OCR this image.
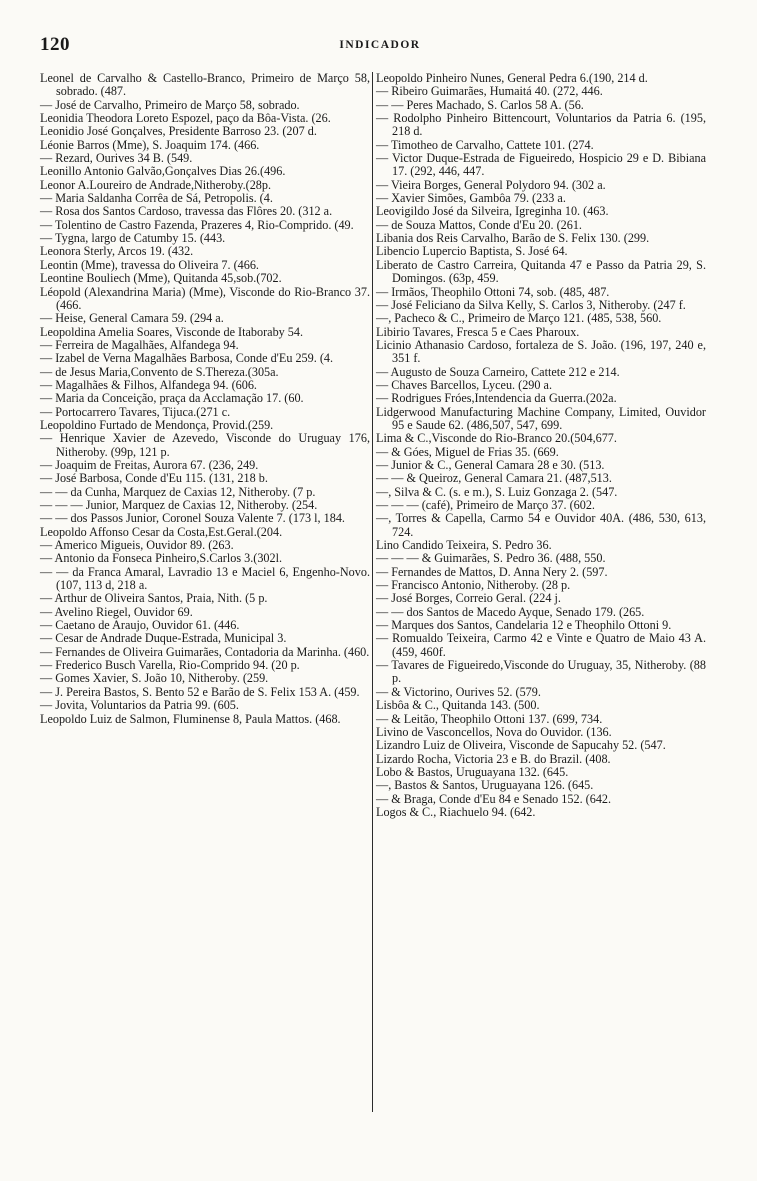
120	INDICADOR
Leonel de Carvalho & Castello-Branco, Primeiro de Março 58, sobrado. (487.
— José de Carvalho, Primeiro de Março 58, sobrado.
Leonidia Theodora Loreto Espozel, paço da Bôa-Vista. (26.
Leonidio José Gonçalves, Presidente Barroso 23. (207 d.
Léonie Barros (Mme), S. Joaquim 174. (466.
— Rezard, Ourives 34 B. (549.
Leonillo Antonio Galvão,Gonçalves Dias 26.(496.
Leonor A.Loureiro de Andrade,Nitheroby.(28p.
— Maria Saldanha Corrêa de Sá, Petropolis. (4.
— Rosa dos Santos Cardoso, travessa das Flôres 20. (312 a.
— Tolentino de Castro Fazenda, Prazeres 4, Rio-Comprido. (49.
— Tygna, largo de Catumby 15. (443.
Leonora Sterly, Arcos 19. (432.
Leontin (Mme), travessa do Oliveira 7. (466.
Leontine Bouliech (Mme), Quitanda 45,sob.(702.
Léopold (Alexandrina Maria) (Mme), Visconde do Rio-Branco 37. (466.
— Heise, General Camara 59. (294 a.
Leopoldina Amelia Soares, Visconde de Itaboraby 54.
— Ferreira de Magalhães, Alfandega 94.
— Izabel de Verna Magalhães Barbosa, Conde d'Eu 259. (4.
— de Jesus Maria,Convento de S.Thereza.(305a.
— Magalhães & Filhos, Alfandega 94. (606.
— Maria da Conceição, praça da Acclamação 17. (60.
— Portocarrero Tavares, Tijuca.(271 c.
Leopoldino Furtado de Mendonça, Provid.(259.
— Henrique Xavier de Azevedo, Visconde do Uruguay 176, Nitheroby. (99p, 121 p.
— Joaquim de Freitas, Aurora 67. (236, 249.
— José Barbosa, Conde d'Eu 115. (131, 218 b.
— — da Cunha, Marquez de Caxias 12, Nitheroby. (7 p.
— — — Junior, Marquez de Caxias 12, Nitheroby. (254.
— — dos Passos Junior, Coronel Souza Valente 7. (173 l, 184.
Leopoldo Affonso Cesar da Costa,Est.Geral.(204.
— Americo Migueis, Ouvidor 89. (263.
— Antonio da Fonseca Pinheiro,S.Carlos 3.(302l.
— — da Franca Amaral, Lavradio 13 e Maciel 6, Engenho-Novo. (107, 113 d, 218 a.
— Arthur de Oliveira Santos, Praia, Nith. (5 p.
— Avelino Riegel, Ouvidor 69.
— Caetano de Araujo, Ouvidor 61. (446.
— Cesar de Andrade Duque-Estrada, Municipal 3.
— Fernandes de Oliveira Guimarães, Contadoria da Marinha. (460.
— Frederico Busch Varella, Rio-Comprido 94. (20 p.
— Gomes Xavier, S. João 10, Nitheroby. (259.
— J. Pereira Bastos, S. Bento 52 e Barão de S. Felix 153 A. (459.
— Jovita, Voluntarios da Patria 99. (605.
Leopoldo Luiz de Salmon, Fluminense 8, Paula Mattos. (468.
Leopoldo Pinheiro Nunes, General Pedra 6.(190, 214 d.
— Ribeiro Guimarães, Humaitá 40. (272, 446.
— — Peres Machado, S. Carlos 58 A. (56.
— Rodolpho Pinheiro Bittencourt, Voluntarios da Patria 6. (195, 218 d.
— Timotheo de Carvalho, Cattete 101. (274.
— Victor Duque-Estrada de Figueiredo, Hospicio 29 e D. Bibiana 17. (292, 446, 447.
— Vieira Borges, General Polydoro 94. (302 a.
— Xavier Simões, Gambôa 79. (233 a.
Leovigildo José da Silveira, Igreginha 10. (463.
— de Souza Mattos, Conde d'Eu 20. (261.
Libania dos Reis Carvalho, Barão de S. Felix 130. (299.
Libencio Lupercio Baptista, S. José 64.
Liberato de Castro Carreira, Quitanda 47 e Passo da Patria 29, S. Domingos. (63p, 459.
— Irmãos, Theophilo Ottoni 74, sob. (485, 487.
— José Feliciano da Silva Kelly, S. Carlos 3, Nitheroby. (247 f.
—, Pacheco & C., Primeiro de Março 121. (485, 538, 560.
Libirio Tavares, Fresca 5 e Caes Pharoux.
Licinio Athanasio Cardoso, fortaleza de S. João. (196, 197, 240 e, 351 f.
— Augusto de Souza Carneiro, Cattete 212 e 214.
— Chaves Barcellos, Lyceu. (290 a.
— Rodrigues Fróes,Intendencia da Guerra.(202a.
Lidgerwood Manufacturing Machine Company, Limited, Ouvidor 95 e Saude 62. (486,507, 547, 699.
Lima & C.,Visconde do Rio-Branco 20.(504,677.
— & Góes, Miguel de Frias 35. (669.
— Junior & C., General Camara 28 e 30. (513.
— — & Queiroz, General Camara 21. (487,513.
—, Silva & C. (s. e m.), S. Luiz Gonzaga 2. (547.
— — — (café), Primeiro de Março 37. (602.
—, Torres & Capella, Carmo 54 e Ouvidor 40A. (486, 530, 613, 724.
Lino Candido Teixeira, S. Pedro 36.
— — — & Guimarães, S. Pedro 36. (488, 550.
— Fernandes de Mattos, D. Anna Nery 2. (597.
— Francisco Antonio, Nitheroby. (28 p.
— José Borges, Correio Geral. (224 j.
— — dos Santos de Macedo Ayque, Senado 179. (265.
— Marques dos Santos, Candelaria 12 e Theophilo Ottoni 9.
— Romualdo Teixeira, Carmo 42 e Vinte e Quatro de Maio 43 A.(459, 460f.
— Tavares de Figueiredo,Visconde do Uruguay, 35, Nitheroby. (88 p.
— & Victorino, Ourives 52. (579.
Lisbôa & C., Quitanda 143. (500.
— & Leitão, Theophilo Ottoni 137. (699, 734.
Livino de Vasconcellos, Nova do Ouvidor. (136.
Lizandro Luiz de Oliveira, Visconde de Sapucahy 52. (547.
Lizardo Rocha, Victoria 23 e B. do Brazil. (408.
Lobo & Bastos, Uruguayana 132. (645.
—, Bastos & Santos, Uruguayana 126. (645.
— & Braga, Conde d'Eu 84 e Senado 152. (642.
Logos & C., Riachuelo 94. (642.
